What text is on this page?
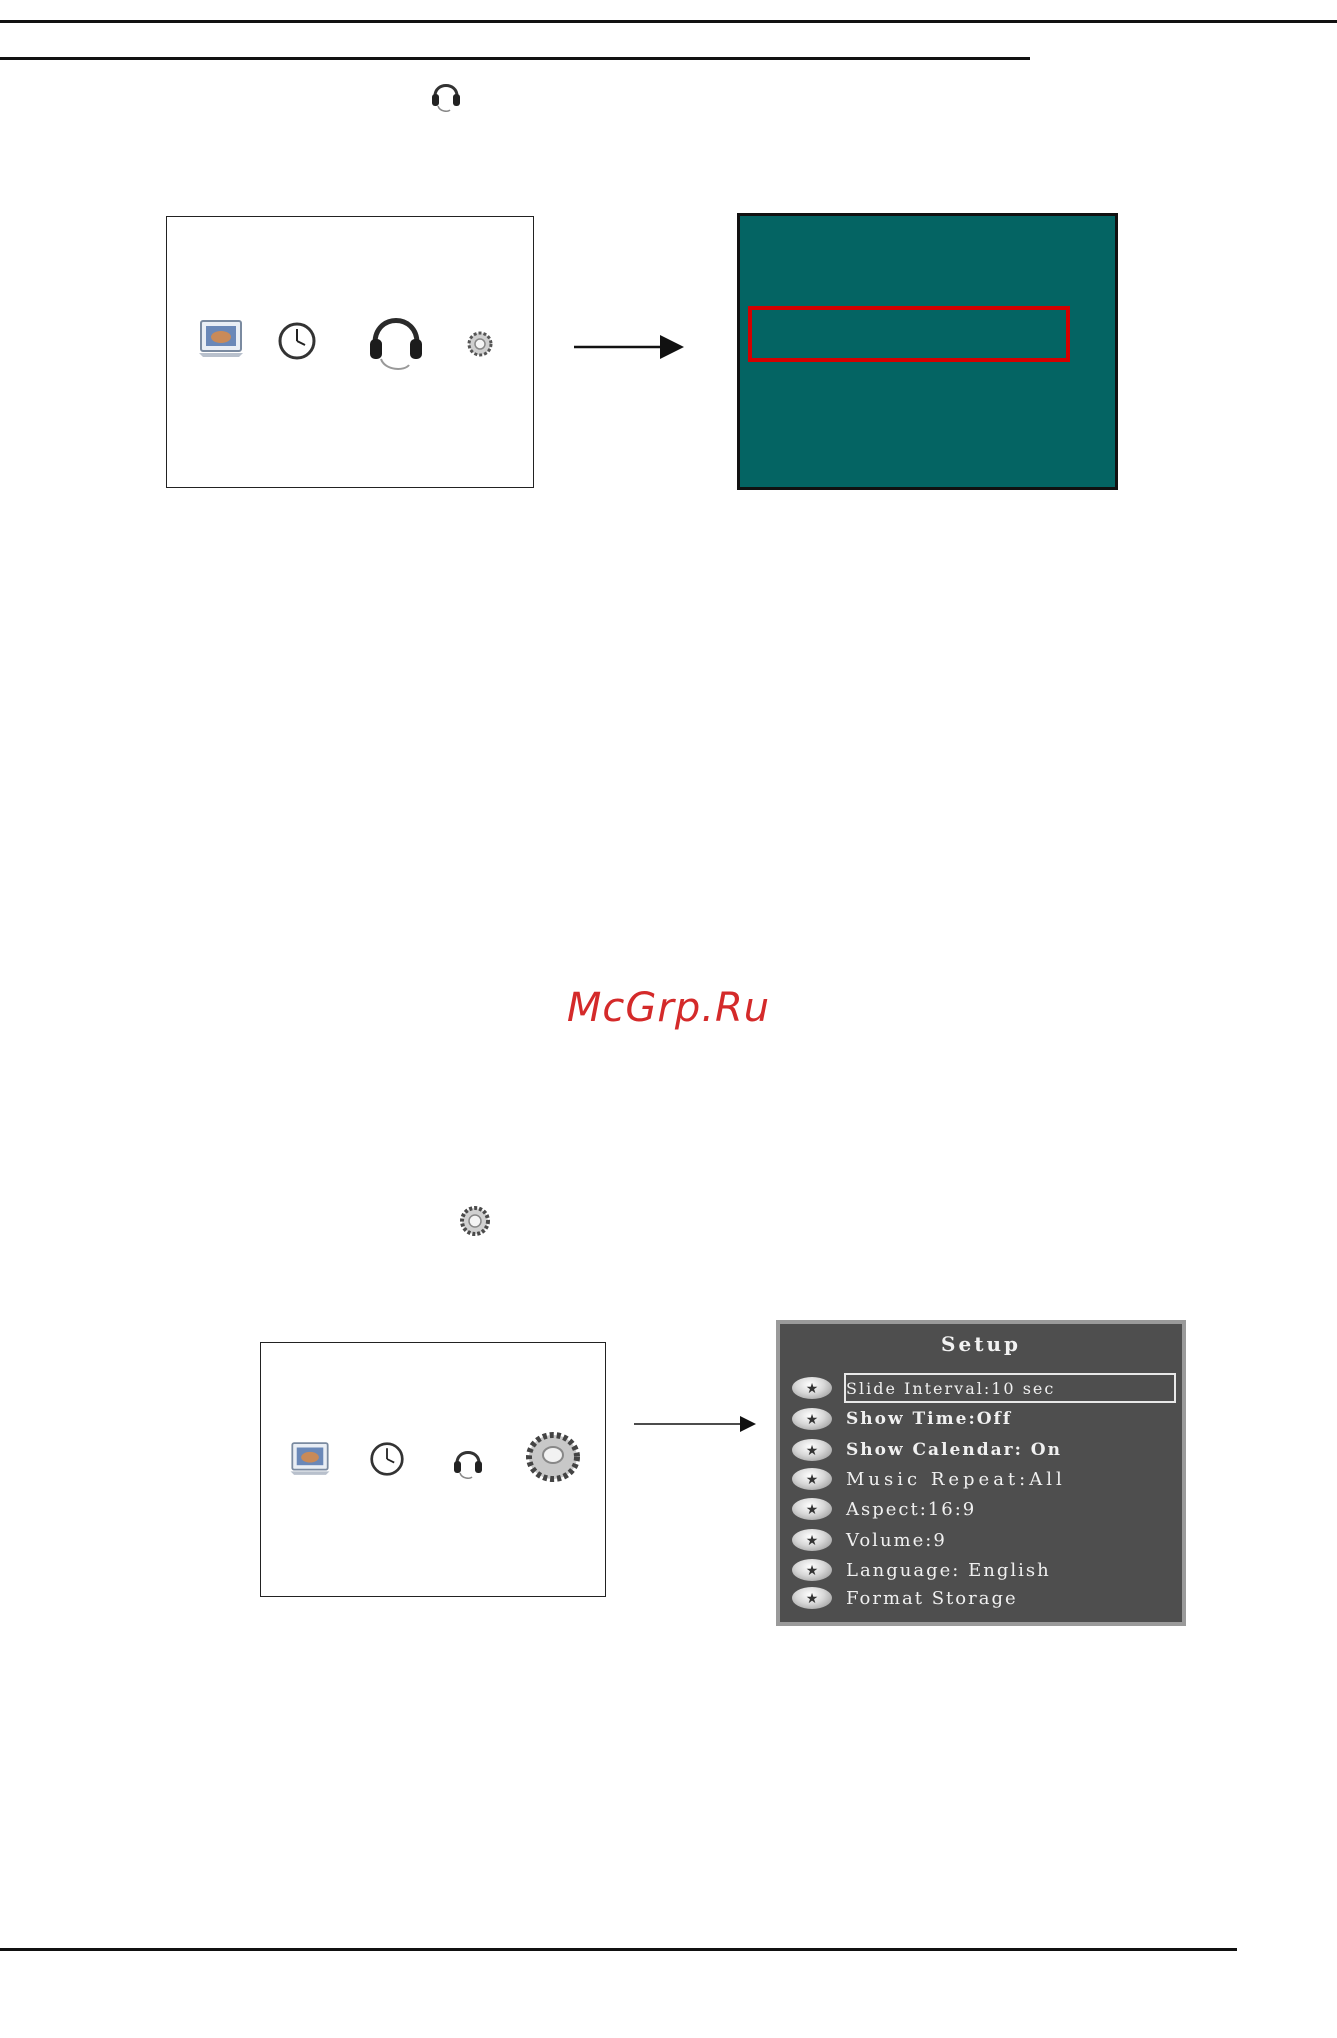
McGrp.Ru
Setup
★ Slide Interval:10 sec
★ Show Time:Off
★ Show Calendar: On
★ Music Repeat:All
★ Aspect:16:9
★ Volume:9
★ Language: English
★ Format Storage
